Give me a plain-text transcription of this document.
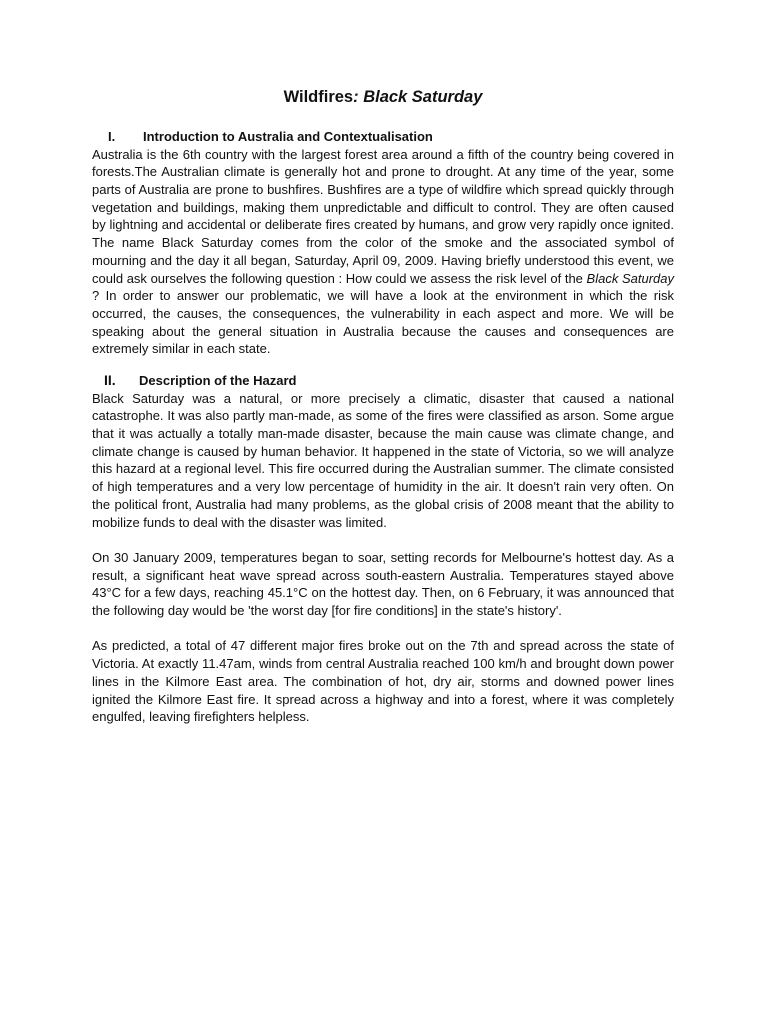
Wildfires: Black Saturday
I.	Introduction to Australia and Contextualisation

Australia is the 6th country with the largest forest area around a fifth of the country being covered in forests.The Australian climate is generally hot and prone to drought. At any time of the year, some parts of Australia are prone to bushfires. Bushfires are a type of wildfire which spread quickly through vegetation and buildings, making them unpredictable and difficult to control. They are often caused by lightning and accidental or deliberate fires created by humans, and grow very rapidly once ignited. The name Black Saturday comes from the color of the smoke and the associated symbol of mourning and the day it all began, Saturday, April 09, 2009. Having briefly understood this event, we could ask ourselves the following question : How could we assess the risk level of the Black Saturday ? In order to answer our problematic, we will have a look at the environment in which the risk occurred, the causes, the consequences, the vulnerability in each aspect and more. We will be speaking about the general situation in Australia because the causes and consequences are extremely similar in each state.

II.	Description of the Hazard

Black Saturday was a natural, or more precisely a climatic, disaster that caused a national catastrophe. It was also partly man-made, as some of the fires were classified as arson. Some argue that it was actually a totally man-made disaster, because the main cause was climate change, and climate change is caused by human behavior. It happened in the state of Victoria, so we will analyze this hazard at a regional level. This fire occurred during the Australian summer. The climate consisted of high temperatures and a very low percentage of humidity in the air. It doesn't rain very often. On the political front, Australia had many problems, as the global crisis of 2008 meant that the ability to mobilize funds to deal with the disaster was limited.

On 30 January 2009, temperatures began to soar, setting records for Melbourne's hottest day. As a result, a significant heat wave spread across south-eastern Australia. Temperatures stayed above 43°C for a few days, reaching 45.1°C on the hottest day. Then, on 6 February, it was announced that the following day would be 'the worst day [for fire conditions] in the state's history'.

As predicted, a total of 47 different major fires broke out on the 7th and spread across the state of Victoria. At exactly 11.47am, winds from central Australia reached 100 km/h and brought down power lines in the Kilmore East area. The combination of hot, dry air, storms and downed power lines ignited the Kilmore East fire. It spread across a highway and into a forest, where it was completely engulfed, leaving firefighters helpless.
